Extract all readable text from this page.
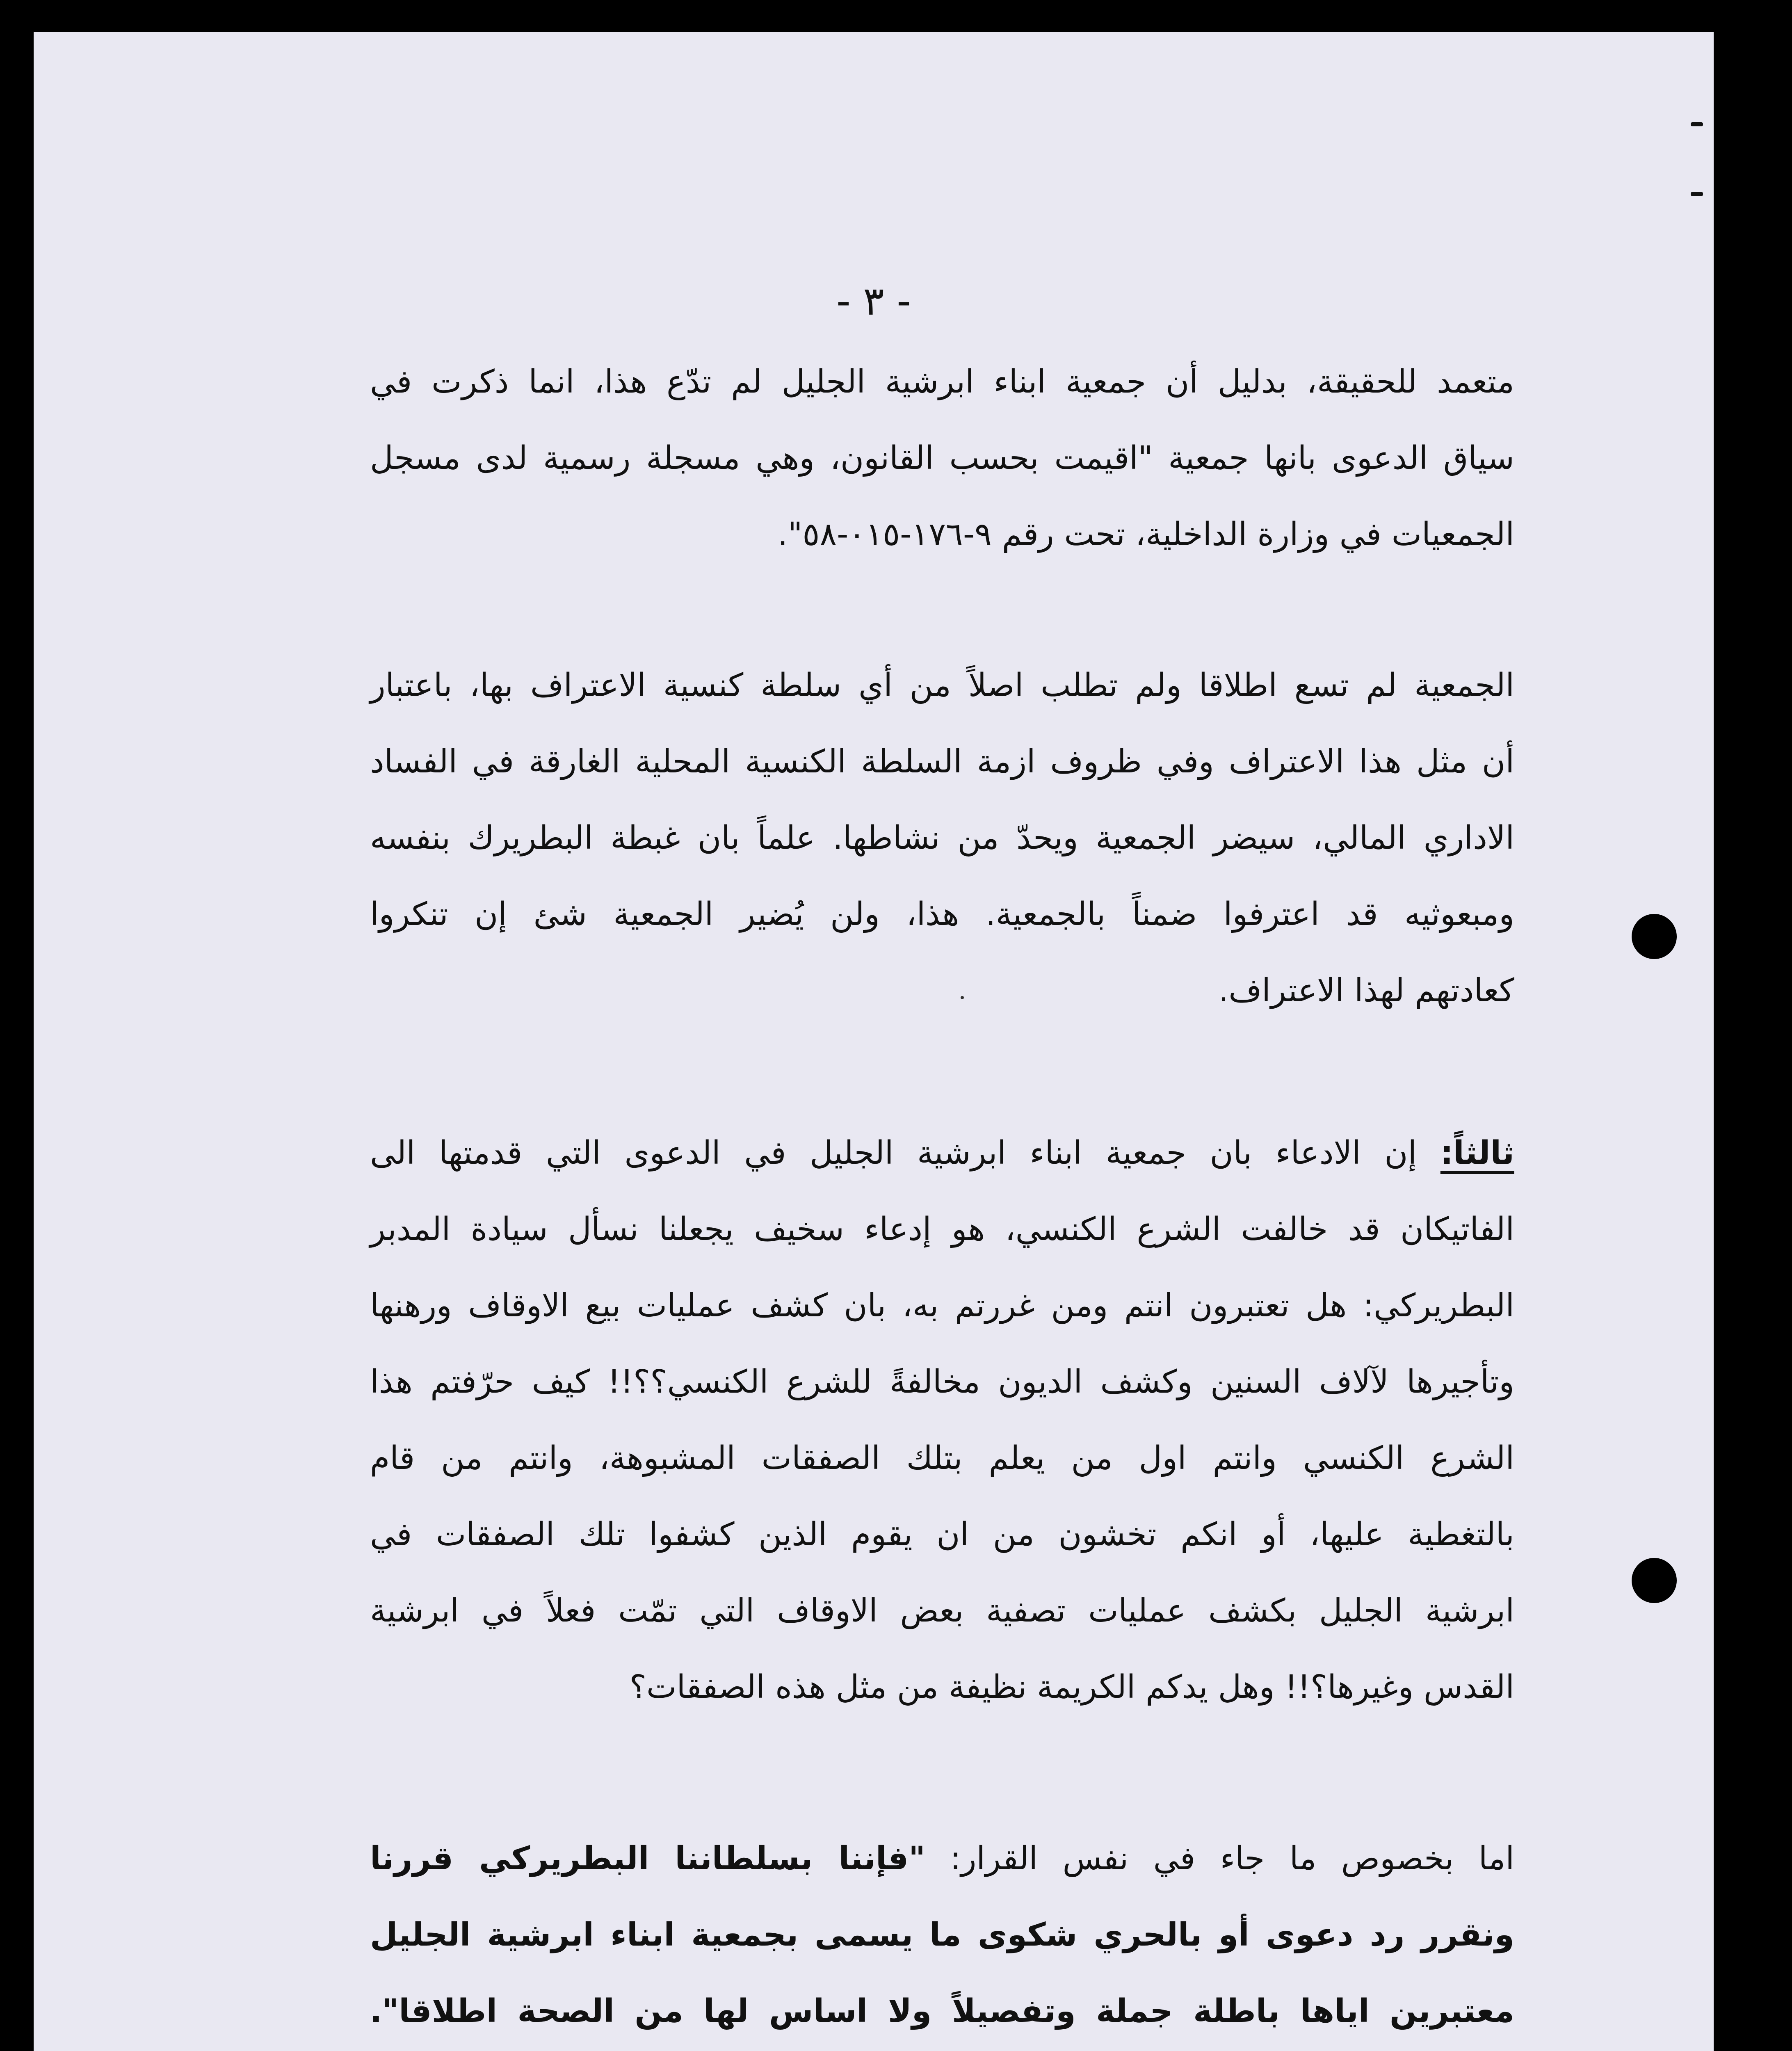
- ٣ -
متعمد للحقيقة، بدليل أن جمعية ابناء ابرشية الجليل لم تدّع هذا، انما ذكرت في
سياق الدعوى بانها جمعية "اقيمت بحسب القانون، وهي مسجلة رسمية لدى مسجل
الجمعيات في وزارة الداخلية، تحت رقم ٩-١٧٦-٠١٥-٥٨".
الجمعية لم تسع اطلاقا ولم تطلب اصلاً من أي سلطة كنسية الاعتراف بها، باعتبار
أن مثل هذا الاعتراف وفي ظروف ازمة السلطة الكنسية المحلية الغارقة في الفساد
الاداري المالي، سيضر الجمعية ويحدّ من نشاطها. علماً بان غبطة البطريرك بنفسه
ومبعوثيه قد اعترفوا ضمناً بالجمعية. هذا، ولن يُضير الجمعية شئ إن تنكروا
كعادتهم لهذا الاعتراف.
ثالثاً: إن الادعاء بان جمعية ابناء ابرشية الجليل في الدعوى التي قدمتها الى
الفاتيكان قد خالفت الشرع الكنسي، هو إدعاء سخيف يجعلنا نسأل سيادة المدبر
البطريركي: هل تعتبرون انتم ومن غررتم به، بان كشف عمليات بيع الاوقاف ورهنها
وتأجيرها لآلاف السنين وكشف الديون مخالفةً للشرع الكنسي؟؟!! كيف حرّفتم هذا
الشرع الكنسي وانتم اول من يعلم بتلك الصفقات المشبوهة، وانتم من قام
بالتغطية عليها، أو انكم تخشون من ان يقوم الذين كشفوا تلك الصفقات في
ابرشية الجليل بكشف عمليات تصفية بعض الاوقاف التي تمّت فعلاً في ابرشية
القدس وغيرها؟!! وهل يدكم الكريمة نظيفة من مثل هذه الصفقات؟
اما بخصوص ما جاء في نفس القرار: "فإننا بسلطاننا البطريركي قررنا
ونقرر رد دعوى أو بالحري شكوى ما يسمى بجمعية ابناء ابرشية الجليل
معتبرين اياها باطلة جملة وتفصيلاً ولا اساس لها من الصحة اطلاقا".
